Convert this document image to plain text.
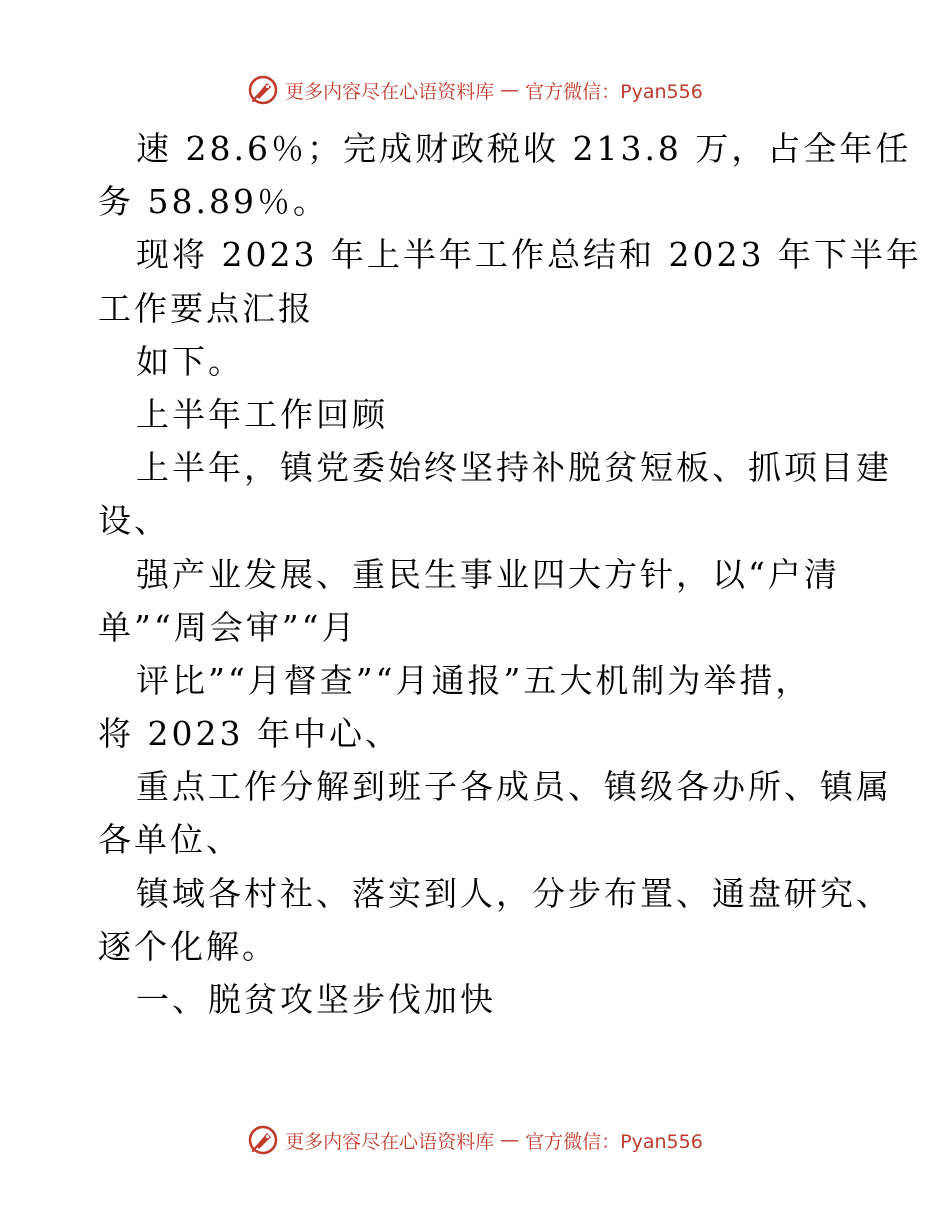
更多内容尽在心语资料库 — 官方微信：Pyan556
速 28.6％；完成财政税收 213.8 万，占全年任
务 58.89％。
现将 2023 年上半年工作总结和 2023 年下半年
工作要点汇报
如下。
上半年工作回顾
上半年，镇党委始终坚持补脱贫短板、抓项目建
设、
强产业发展、重民生事业四大方针，以“户清
单”“周会审”“月
评比”“月督查”“月通报”五大机制为举措，
将 2023 年中心、
重点工作分解到班子各成员、镇级各办所、镇属
各单位、
镇域各村社、落实到人，分步布置、通盘研究、
逐个化解。
一、脱贫攻坚步伐加快
更多内容尽在心语资料库 — 官方微信：Pyan556
